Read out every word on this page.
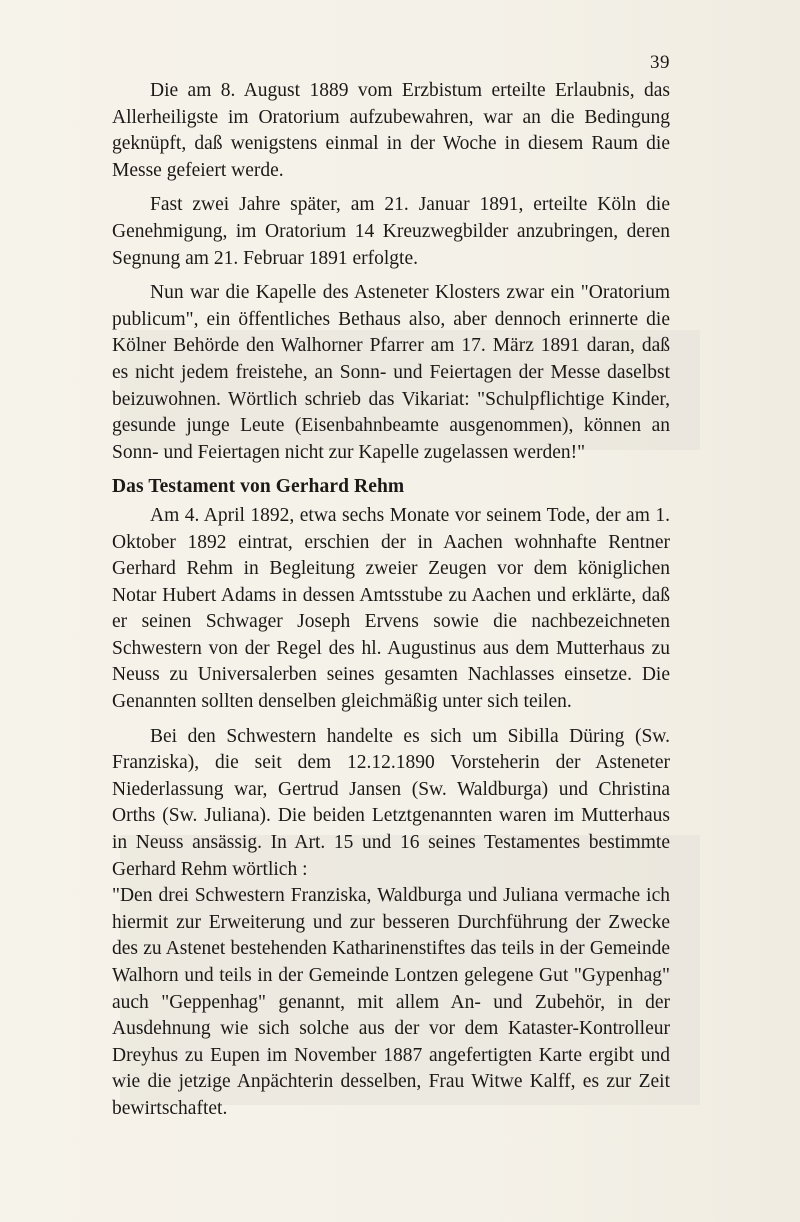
39

Die am 8. August 1889 vom Erzbistum erteilte Erlaubnis, das Allerheiligste im Oratorium aufzubewahren, war an die Bedingung geknüpft, daß wenigstens einmal in der Woche in diesem Raum die Messe gefeiert werde.

Fast zwei Jahre später, am 21. Januar 1891, erteilte Köln die Genehmigung, im Oratorium 14 Kreuzwegbilder anzubringen, deren Segnung am 21. Februar 1891 erfolgte.

Nun war die Kapelle des Asteneter Klosters zwar ein "Oratorium publicum", ein öffentliches Bethaus also, aber dennoch erinnerte die Kölner Behörde den Walhorner Pfarrer am 17. März 1891 daran, daß es nicht jedem freistehe, an Sonn- und Feiertagen der Messe daselbst beizuwohnen. Wörtlich schrieb das Vikariat: "Schulpflichtige Kinder, gesunde junge Leute (Eisenbahnbeamte ausgenommen), können an Sonn- und Feiertagen nicht zur Kapelle zugelassen werden!"

Das Testament von Gerhard Rehm

Am 4. April 1892, etwa sechs Monate vor seinem Tode, der am 1. Oktober 1892 eintrat, erschien der in Aachen wohnhafte Rentner Gerhard Rehm in Begleitung zweier Zeugen vor dem königlichen Notar Hubert Adams in dessen Amtsstube zu Aachen und erklärte, daß er seinen Schwager Joseph Ervens sowie die nachbezeichneten Schwestern von der Regel des hl. Augustinus aus dem Mutterhaus zu Neuss zu Universalerben seines gesamten Nachlasses einsetze. Die Genannten sollten denselben gleichmäßig unter sich teilen.

Bei den Schwestern handelte es sich um Sibilla Düring (Sw. Franziska), die seit dem 12.12.1890 Vorsteherin der Asteneter Niederlassung war, Gertrud Jansen (Sw. Waldburga) und Christina Orths (Sw. Juliana). Die beiden Letztgenannten waren im Mutterhaus in Neuss ansässig. In Art. 15 und 16 seines Testamentes bestimmte Gerhard Rehm wörtlich :

"Den drei Schwestern Franziska, Waldburga und Juliana vermache ich hiermit zur Erweiterung und zur besseren Durchführung der Zwecke des zu Astenet bestehenden Katharinenstiftes das teils in der Gemeinde Walhorn und teils in der Gemeinde Lontzen gelegene Gut "Gypenhag" auch "Geppenhag" genannt, mit allem An- und Zubehör, in der Ausdehnung wie sich solche aus der vor dem Kataster-Kontrolleur Dreyhus zu Eupen im November 1887 angefertigten Karte ergibt und wie die jetzige Anpächterin desselben, Frau Witwe Kalff, es zur Zeit bewirtschaftet.
